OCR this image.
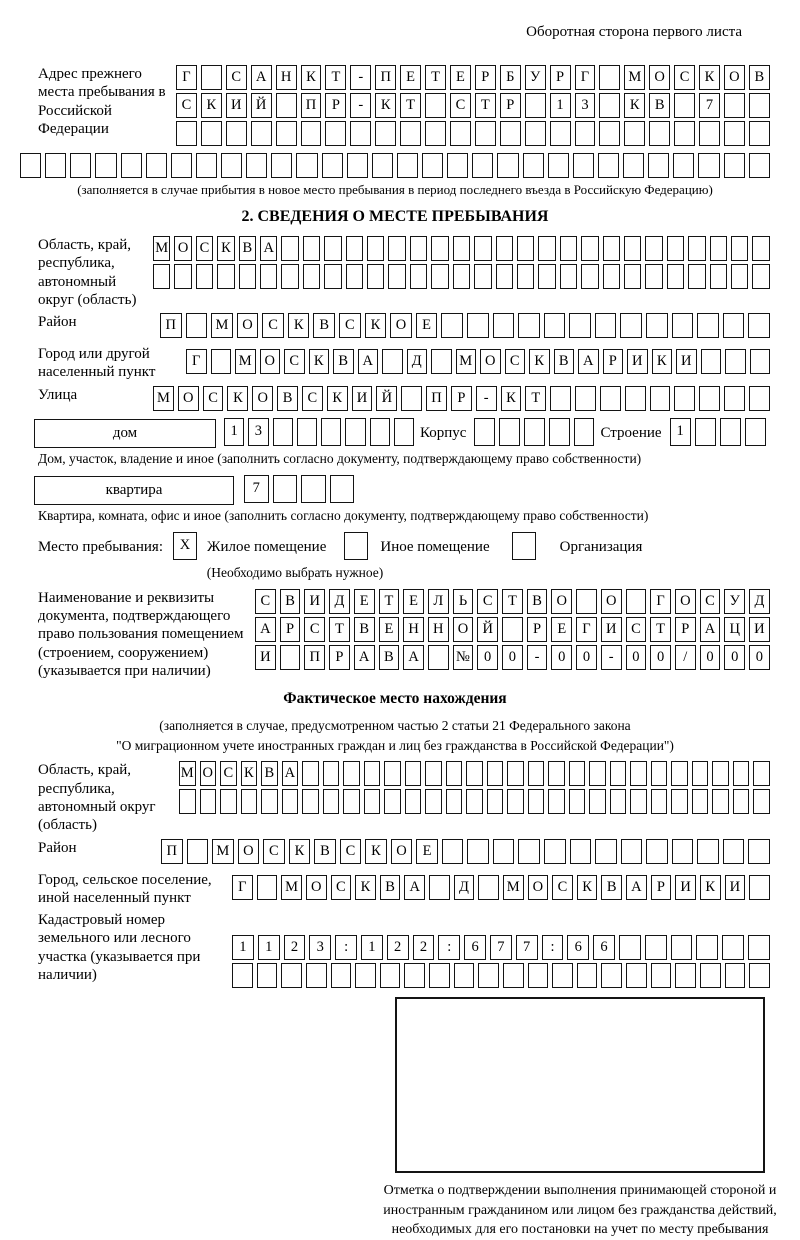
Оборотная сторона первого листа
Адрес прежнего места пребывания в Российской Федерации
Г	С	А Н	К	Т	-	П	Е	Т	Е	Р	Б	У	Р	Г	М О	С	К	О	В
С	К	И Й	П	Р	-	К	Т	С	Т	Р	1	3	К	В	7
(заполняется в случае прибытия в новое место пребывания в период последнего въезда в Российскую Федерацию)
2. СВЕДЕНИЯ О МЕСТЕ ПРЕБЫВАНИЯ
Область, край, республика, автономный округ (область)
М О С К В А
Район	П	М О	С	К	В	С	К	О	Е
Город или другой населенный пункт
Г	М О С	К	В А	Д	М О С	К	В А	Р	И К И
Улица	М О	С	К	О	В	С	К	И Й	П	Р	-	К	Т
дом	1	3	Корпус	Строение	1
Дом, участок, владение и иное (заполнить согласно документу, подтверждающему право собственности)
квартира	7
Квартира, комната, офис и иное (заполнить согласно документу, подтверждающему право собственности)
Место пребывания:	X	Жилое помещение	Иное помещение	Организация
(Необходимо выбрать нужное)
Наименование и реквизиты документа, подтверждающего право пользования помещением (строением, сооружением) (указывается при наличии)
С	В	И	Д	Е	Т	Е	Л	Ь	С	Т	В	О	О	Г	О	С	У	Д
А	Р	С	Т	В	Е	Н Н О Й	Р	Е	Г	И	С	Т	Р	А Ц И
И	П	Р	А	В	А	№ 0	0	-	0	0	-	0	0	/	0	0	0
Фактическое место нахождения
(заполняется в случае, предусмотренном частью 2 статьи 21 Федерального закона
"О миграционном учете иностранных граждан и лиц без гражданства в Российской Федерации")
Область, край, республика, автономный округ (область)
М О С К В А
Район	П	М О	С	К	В	С	К	О	Е
Город, сельское поселение, иной населенный пункт
Г	М О	С	К	В	А	Д	М О	С	К	В	А	Р	И	К	И
Кадастровый номер земельного или лесного участка (указывается при наличии)
1	1	2	3	:	1	2	2	:	6	7	7	:	6	6
Отметка о подтверждении выполнения принимающей стороной и иностранным гражданином или лицом без гражданства действий, необходимых для его постановки на учет по месту пребывания
